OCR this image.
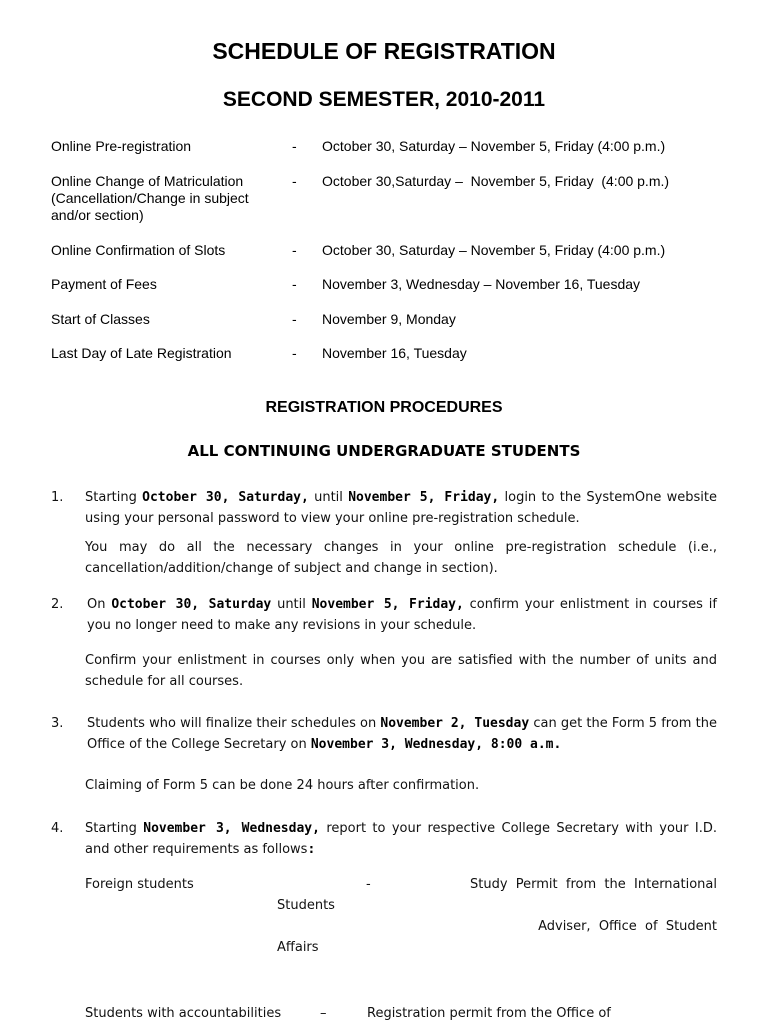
SCHEDULE OF REGISTRATION
SECOND SEMESTER, 2010-2011
Online Pre-registration	- October 30, Saturday – November 5, Friday (4:00 p.m.)
Online Change of Matriculation
(Cancellation/Change in subject
and/or section)
- October 30,Saturday –  November 5, Friday  (4:00 p.m.)
Online Confirmation of Slots	- October 30, Saturday – November 5, Friday (4:00 p.m.)
Payment of Fees	- November 3, Wednesday – November 16, Tuesday
Start of Classes	- November 9, Monday
Last Day of Late Registration	- November 16, Tuesday
REGISTRATION PROCEDURES
ALL CONTINUING UNDERGRADUATE STUDENTS
1. Starting October 30, Saturday, until November 5, Friday, login to the SystemOne website using your personal password to view your online pre-registration schedule.
You may do all the necessary changes in your online pre-registration schedule (i.e., cancellation/addition/change of subject and change in section).
2. On October 30, Saturday until November 5, Friday, confirm your enlistment in courses if you no longer need to make any revisions in your schedule.
Confirm your enlistment in courses only when you are satisfied with the number of units and schedule for all courses.
3. Students who will finalize their schedules on November 2, Tuesday can get the Form 5 from the Office of the College Secretary on November 3, Wednesday, 8:00 a.m.
Claiming of Form 5 can be done 24 hours after confirmation.
4. Starting November 3, Wednesday, report to your respective College Secretary with your I.D. and other requirements as follows:
Foreign students	-	Study  Permit  from  the  International
Students
Adviser,  Office  of  Student
Affairs
Students with accountabilities	–	Registration permit from the Office of
